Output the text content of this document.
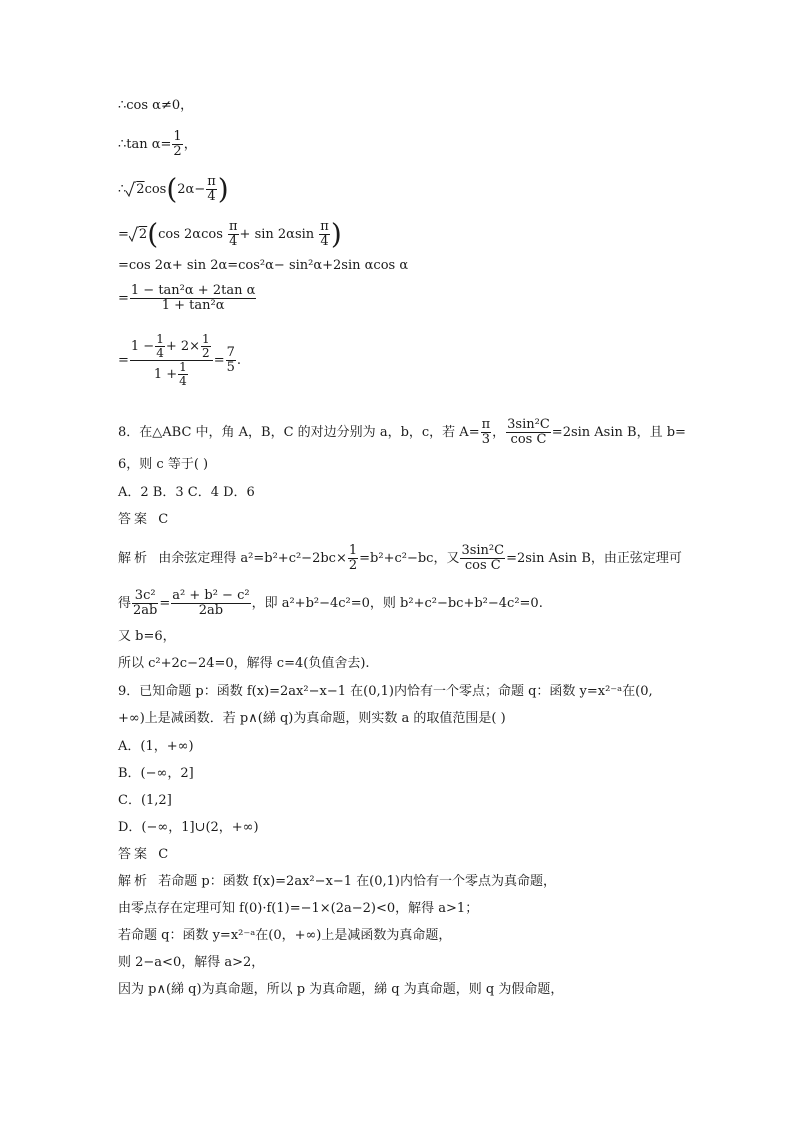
∴cos α≠0，
∴tan $\alpha= \frac{1}{2}$ ，
∴ $2\cos(2\alpha- \frac{\pi}{4}$ )
= 2(cos $2\alpha\cos \frac{\pi}{4} + \sin 2\alpha\sin \frac{\pi}{4}$ )
=cos 2α+ sin 2α=cos²α− sin²α+2sin αcos α
= $\frac{\text{1 − tan²α + 2tan α}}{\text{1 + tan²α}}$
= $\frac{1 - \frac{1}{4} + 2\times \frac{1}{2}}{1 + \frac{1}{4}} = \frac{7}{5}$ .
8．在△ABC 中，角 A，B，C 的对边分别为 a，b，c，若 $A= \frac{\pi}{3}$ ， $\frac{\text{3sin²C}}{\text{cos C}} =2\sin$ Asin B，且 b=
6，则 c 等于( )
A．2 B．3 C．4 D．6
答案 C
解析 由余弦定理得 $a^2=b^2+c^2-2bc\times \frac{1}{2} =b^2+c^2-bc$，又 $\frac{\text{3sin²C}}{\text{cos C}} =2\sin$ Asin B，由正弦定理可
得 $\frac{\text{3c²}}{2ab} = \frac{\text{a² + b² − c²}}{2ab}$ ，即 a²+b²−4c²=0，则 b²+c²−bc+b²−4c²=0.
又 b=6，
所以 c²+2c−24=0，解得 c=4(负值舍去).
9．已知命题 p：函数 f(x)=2ax²−x−1 在(0,1)内恰有一个零点；命题 q：函数 y=x²⁻ᵃ在(0,
+∞)上是减函数．若 p∧(綈 q)为真命题，则实数 a 的取值范围是( )
A．(1，+∞)
B．(−∞，2]
C．(1,2]
D．(−∞，1]∪(2，+∞)
答案 C
解析 若命题 p：函数 f(x)=2ax²−x−1 在(0,1)内恰有一个零点为真命题，
由零点存在定理可知 f(0)·f(1)=−1×(2a−2)<0，解得 a>1；
若命题 q：函数 y=x²⁻ᵃ在(0，+∞)上是减函数为真命题，
则 2−a<0，解得 a>2，
因为 p∧(綈 q)为真命题，所以 p 为真命题，綈 q 为真命题，则 q 为假命题，
